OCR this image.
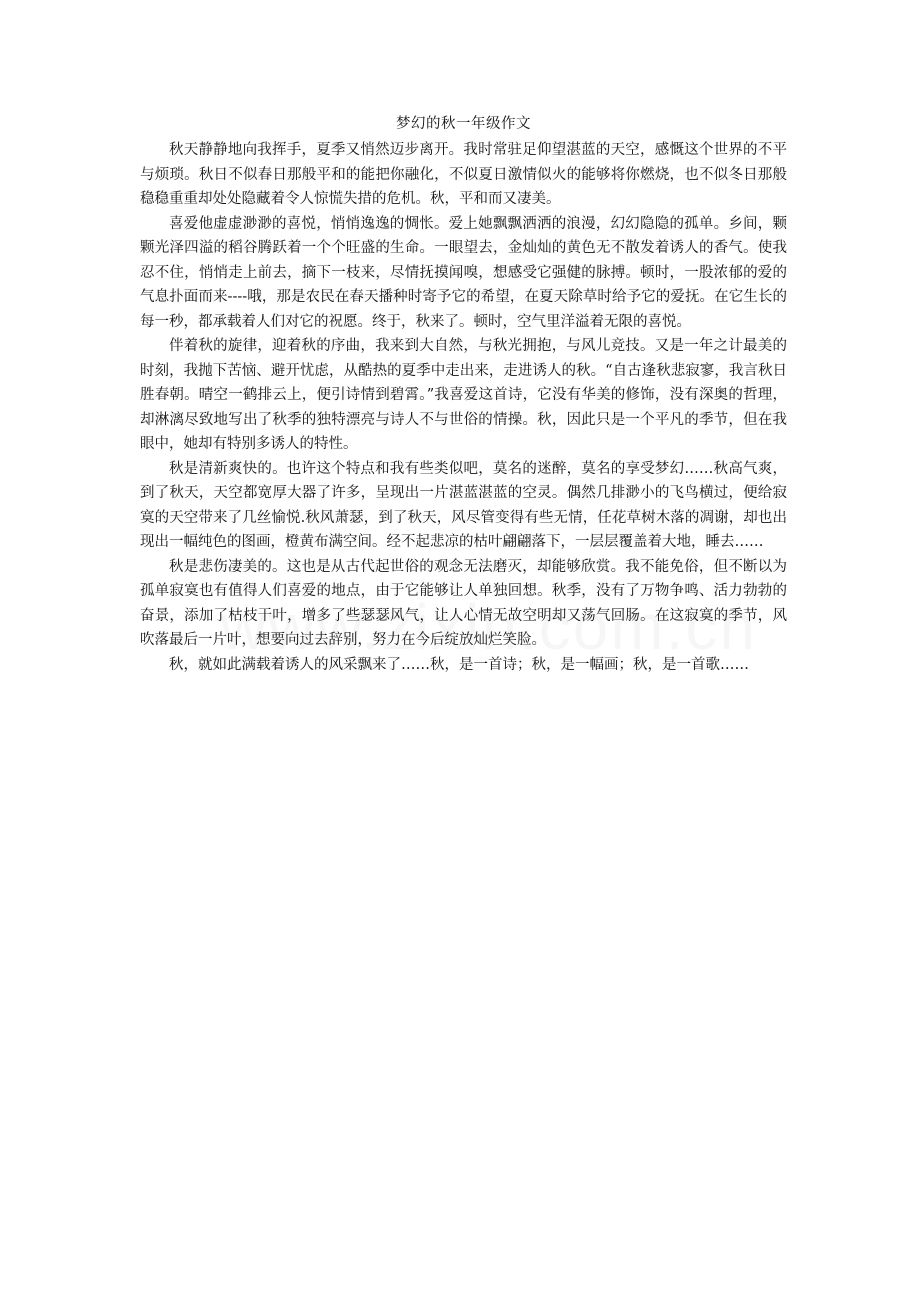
梦幻的秋一年级作文

秋天静静地向我挥手，夏季又悄然迈步离开。我时常驻足仰望湛蓝的天空，感慨这个世界的不平与烦琐。秋日不似春日那般平和的能把你融化，不似夏日激情似火的能够将你燃烧，也不似冬日那般稳稳重重却处处隐藏着令人惊慌失措的危机。秋，平和而又凄美。

喜爱他虚虚渺渺的喜悦，悄悄逸逸的惆怅。爱上她飘飘洒洒的浪漫，幻幻隐隐的孤单。乡间，颗颗光泽四溢的稻谷腾跃着一个个旺盛的生命。一眼望去，金灿灿的黄色无不散发着诱人的香气。使我忍不住，悄悄走上前去，摘下一枝来，尽情抚摸闻嗅，想感受它强健的脉搏。顿时，一股浓郁的爱的气息扑面而来----哦，那是农民在春天播种时寄予它的希望，在夏天除草时给予它的爱抚。在它生长的每一秒，都承载着人们对它的祝愿。终于，秋来了。顿时，空气里洋溢着无限的喜悦。

伴着秋的旋律，迎着秋的序曲，我来到大自然，与秋光拥抱，与风儿竞技。又是一年之计最美的时刻，我抛下苦恼、避开忧虑，从酷热的夏季中走出来，走进诱人的秋。“自古逢秋悲寂寥，我言秋日胜春朝。晴空一鹤排云上，便引诗情到碧霄。”我喜爱这首诗，它没有华美的修饰，没有深奥的哲理，却淋漓尽致地写出了秋季的独特漂亮与诗人不与世俗的情操。秋，因此只是一个平凡的季节，但在我眼中，她却有特别多诱人的特性。

秋是清新爽快的。也许这个特点和我有些类似吧，莫名的迷醉，莫名的享受梦幻……秋高气爽，到了秋天，天空都宽厚大器了许多，呈现出一片湛蓝湛蓝的空灵。偶然几排渺小的飞鸟横过，便给寂寞的天空带来了几丝愉悦.秋风萧瑟，到了秋天，风尽管变得有些无情，任花草树木落的凋谢，却也出现出一幅纯色的图画，橙黄布满空间。经不起悲凉的枯叶翩翩落下，一层层覆盖着大地，睡去……

秋是悲伤凄美的。这也是从古代起世俗的观念无法磨灭，却能够欣赏。我不能免俗，但不断以为孤单寂寞也有值得人们喜爱的地点，由于它能够让人单独回想。秋季，没有了万物争鸣、活力勃勃的奋景，添加了枯枝干叶，增多了些瑟瑟风气，让人心情无故空明却又荡气回肠。在这寂寞的季节，风吹落最后一片叶，想要向过去辞别，努力在今后绽放灿烂笑脸。

秋，就如此满载着诱人的风采飘来了……秋，是一首诗；秋，是一幅画；秋，是一首歌……
